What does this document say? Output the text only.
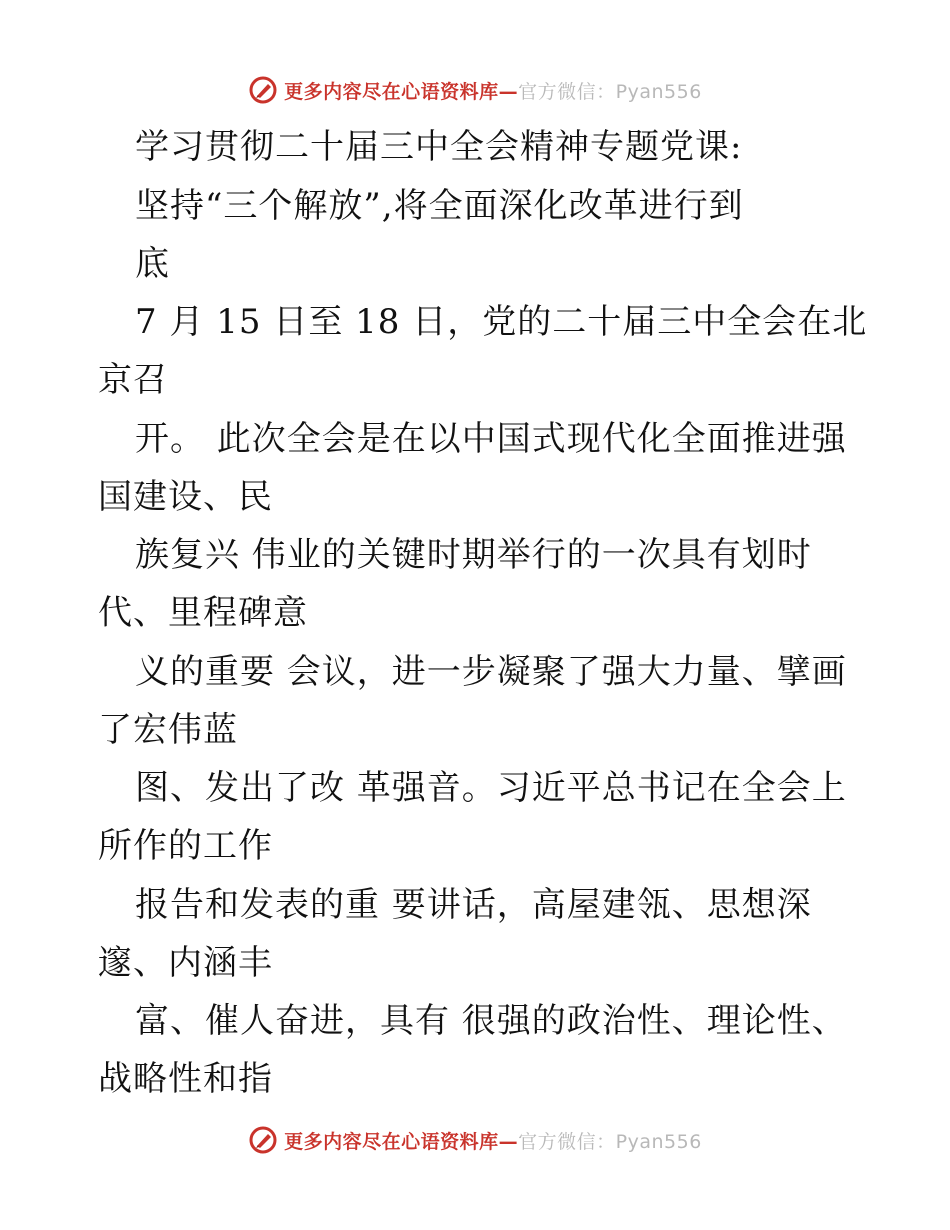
更多内容尽在心语资料库—官方微信：Pyan556
学习贯彻二十届三中全会精神专题党课:
坚持“三个解放”,将全面深化改革进行到
底
7 月 15 日至 18 日，党的二十届三中全会在北
京召
开。 此次全会是在以中国式现代化全面推进强
国建设、民
族复兴 伟业的关键时期举行的一次具有划时
代、里程碑意
义的重要 会议，进一步凝聚了强大力量、擘画
了宏伟蓝
图、发出了改 革强音。习近平总书记在全会上
所作的工作
报告和发表的重 要讲话，高屋建瓴、思想深
邃、内涵丰
富、催人奋进，具有 很强的政治性、理论性、
战略性和指
更多内容尽在心语资料库—官方微信：Pyan556
